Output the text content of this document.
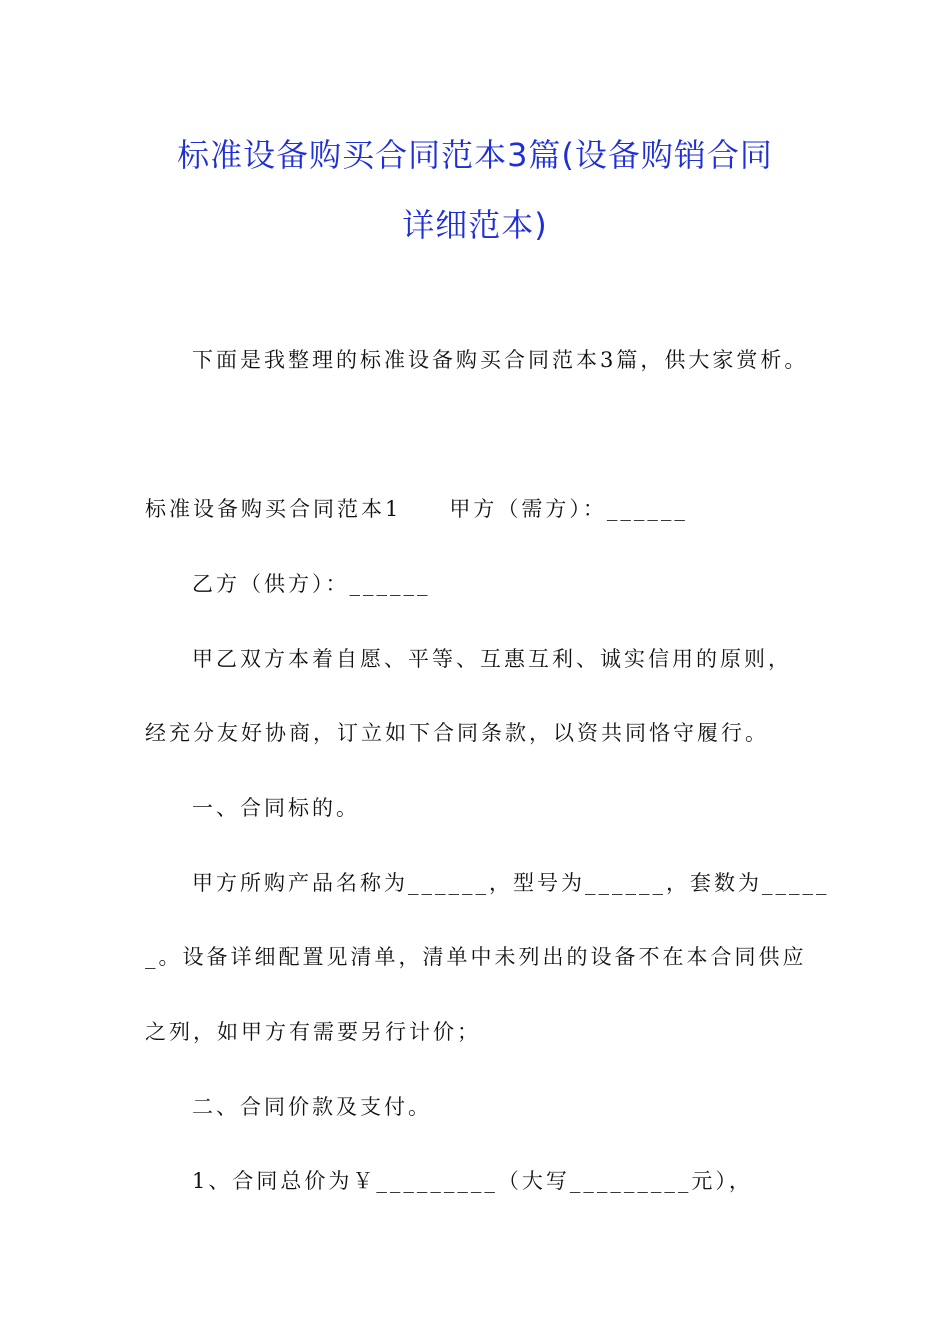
标准设备购买合同范本3篇(设备购销合同
详细范本)

下面是我整理的标准设备购买合同范本3篇，供大家赏析。

标准设备购买合同范本1　　甲方（需方）：______

乙方（供方）：______

甲乙双方本着自愿、平等、互惠互利、诚实信用的原则，

经充分友好协商，订立如下合同条款，以资共同恪守履行。

一、合同标的。

甲方所购产品名称为______，型号为______，套数为_____

_。设备详细配置见清单，清单中未列出的设备不在本合同供应

之列，如甲方有需要另行计价；

二、合同价款及支付。

1、合同总价为￥_________（大写_________元），
